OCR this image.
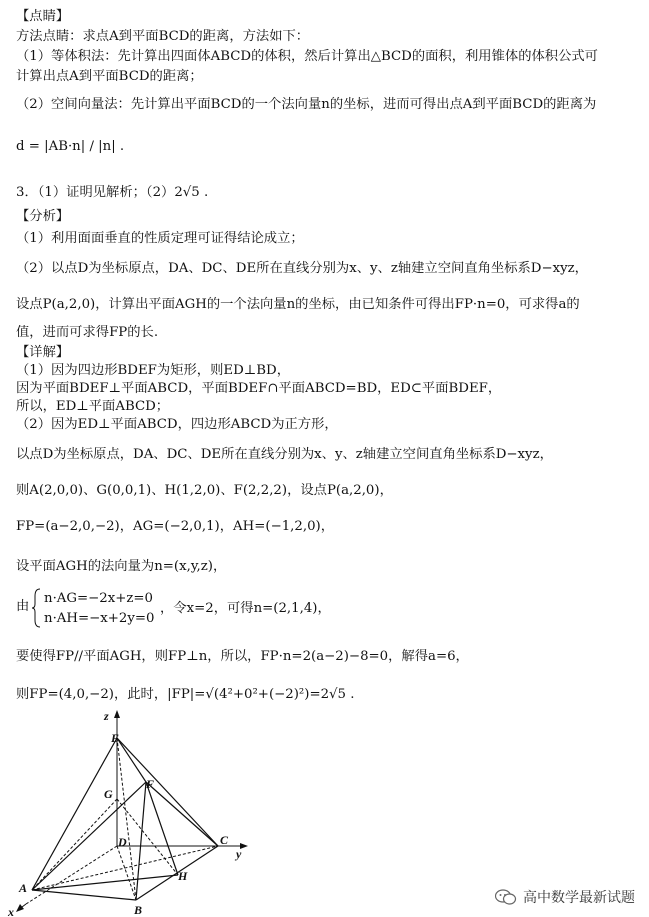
【点睛】
方法点睛：求点A到平面BCD的距离，方法如下：
（1）等体积法：先计算出四面体ABCD的体积，然后计算出△BCD的面积，利用锥体的体积公式可
计算出点A到平面BCD的距离；
（2）空间向量法：先计算出平面BCD的一个法向量n的坐标，进而可得出点A到平面BCD的距离为
d = |AB·n| / |n| .
3．（1）证明见解析；（2）2√5 .
【分析】
（1）利用面面垂直的性质定理可证得结论成立；
（2）以点D为坐标原点，DA、DC、DE所在直线分别为x、y、z轴建立空间直角坐标系D−xyz，
设点P(a,2,0)，计算出平面AGH的一个法向量n的坐标，由已知条件可得出FP·n=0，可求得a的
值，进而可求得FP的长.
【详解】
（1）因为四边形BDEF为矩形，则ED⊥BD，
因为平面BDEF⊥平面ABCD，平面BDEF∩平面ABCD=BD，ED⊂平面BDEF，
所以，ED⊥平面ABCD；
（2）因为ED⊥平面ABCD，四边形ABCD为正方形，
以点D为坐标原点，DA、DC、DE所在直线分别为x、y、z轴建立空间直角坐标系D−xyz，
则A(2,0,0)、G(0,0,1)、H(1,2,0)、F(2,2,2)，设点P(a,2,0)，
FP=(a−2,0,−2)，AG=(−2,0,1)，AH=(−1,2,0)，
设平面AGH的法向量为n=(x,y,z)，
由
n·AG=−2x+z=0
n·AH=−x+2y=0
，令x=2，可得n=(2,1,4)，
要使得FP//平面AGH，则FP⊥n，所以，FP·n=2(a−2)−8=0，解得a=6，
则FP=(4,0,−2)，此时，|FP|=√(4²+0²+(−2)²)=2√5 .
z
E
F
G
D	C
y
H
A
B
x
高中数学最新试题
